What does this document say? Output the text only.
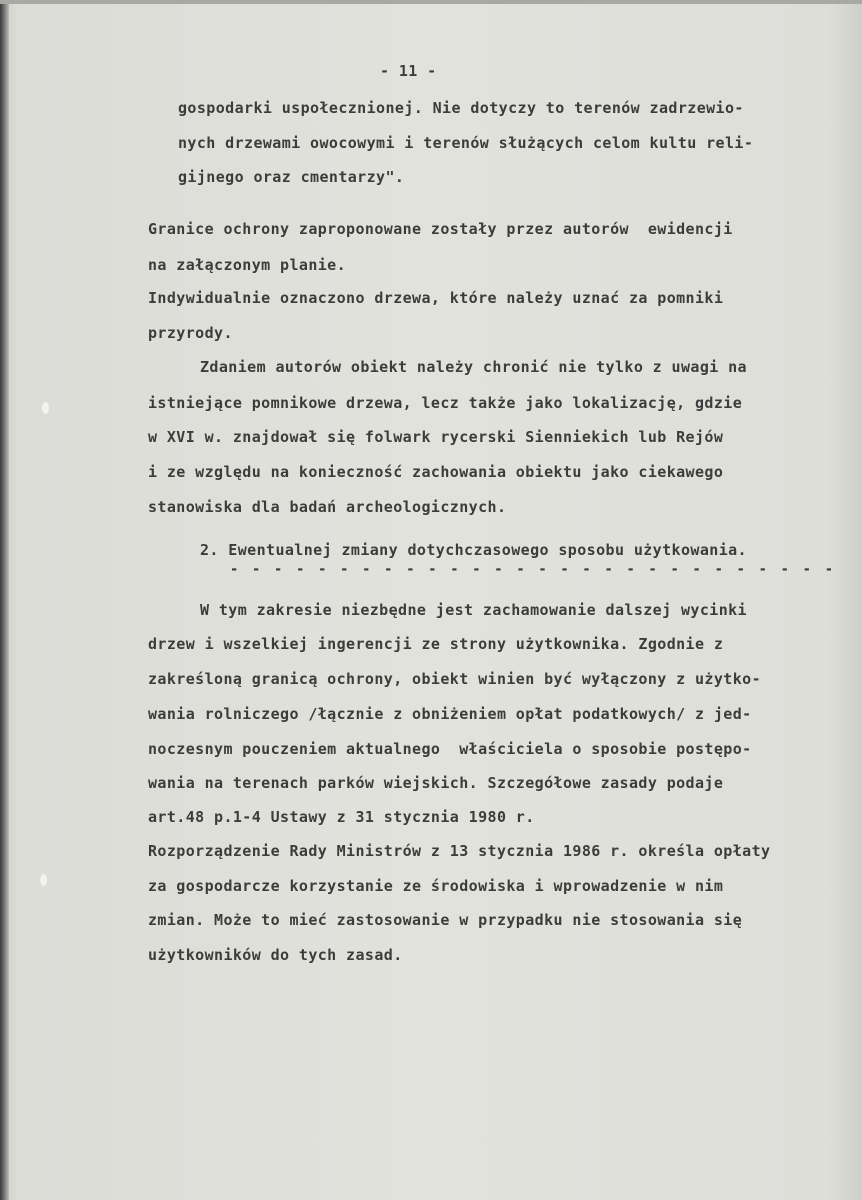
- 11 -
gospodarki uspołecznionej. Nie dotyczy to terenów zadrzewio-
nych drzewami owocowymi i terenów służących celom kultu reli-
gijnego oraz cmentarzy".
Granice ochrony zaproponowane zostały przez autorów  ewidencji
na załączonym planie.
Indywidualnie oznaczono drzewa, które należy uznać za pomniki
przyrody.
Zdaniem autorów obiekt należy chronić nie tylko z uwagi na
istniejące pomnikowe drzewa, lecz także jako lokalizację, gdzie
w XVI w. znajdował się folwark rycerski Sienniekich lub Rejów
i ze względu na konieczność zachowania obiektu jako ciekawego
stanowiska dla badań archeologicznych.
2. Ewentualnej zmiany dotychczasowego sposobu użytkowania.
- - - - - - - - - - - - - - - - - - - - - - - - - - - -
W tym zakresie niezbędne jest zachamowanie dalszej wycinki
drzew i wszelkiej ingerencji ze strony użytkownika. Zgodnie z
zakreśloną granicą ochrony, obiekt winien być wyłączony z użytko-
wania rolniczego /łącznie z obniżeniem opłat podatkowych/ z jed-
noczesnym pouczeniem aktualnego  właściciela o sposobie postępo-
wania na terenach parków wiejskich. Szczegółowe zasady podaje
art.48 p.1-4 Ustawy z 31 stycznia 1980 r.
Rozporządzenie Rady Ministrów z 13 stycznia 1986 r. określa opłaty
za gospodarcze korzystanie ze środowiska i wprowadzenie w nim
zmian. Może to mieć zastosowanie w przypadku nie stosowania się
użytkowników do tych zasad.
